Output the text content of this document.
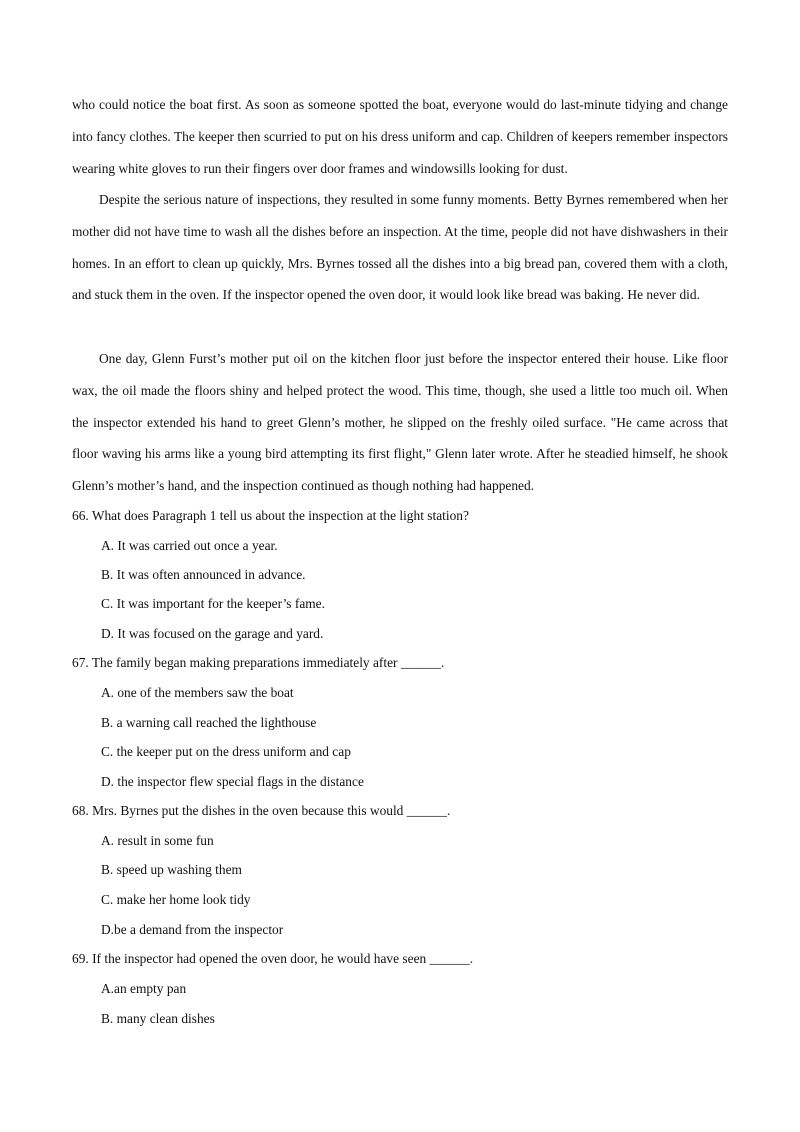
who could notice the boat first. As soon as someone spotted the boat, everyone would do last-minute tidying and change into fancy clothes. The keeper then scurried to put on his dress uniform and cap. Children of keepers remember inspectors wearing white gloves to run their fingers over door frames and windowsills looking for dust.

Despite the serious nature of inspections, they resulted in some funny moments. Betty Byrnes remembered when her mother did not have time to wash all the dishes before an inspection. At the time, people did not have dishwashers in their homes. In an effort to clean up quickly, Mrs. Byrnes tossed all the dishes into a big bread pan, covered them with a cloth, and stuck them in the oven. If the inspector opened the oven door, it would look like bread was baking. He never did.

One day, Glenn Furst’s mother put oil on the kitchen floor just before the inspector entered their house. Like floor wax, the oil made the floors shiny and helped protect the wood. This time, though, she used a little too much oil. When the inspector extended his hand to greet Glenn’s mother, he slipped on the freshly oiled surface. "He came across that floor waving his arms like a young bird attempting its first flight," Glenn later wrote. After he steadied himself, he shook Glenn’s mother’s hand, and the inspection continued as though nothing had happened.

66. What does Paragraph 1 tell us about the inspection at the light station?

A. It was carried out once a year.

B. It was often announced in advance.

C. It was important for the keeper’s fame.

D. It was focused on the garage and yard.

67. The family began making preparations immediately after ______.

A. one of the members saw the boat

B. a warning call reached the lighthouse

C. the keeper put on the dress uniform and cap

D. the inspector flew special flags in the distance

68. Mrs. Byrnes put the dishes in the oven because this would ______.

A. result in some fun

B. speed up washing them

C. make her home look tidy

D.be a demand from the inspector

69. If the inspector had opened the oven door, he would have seen ______.

A.an empty pan

B. many clean dishes
